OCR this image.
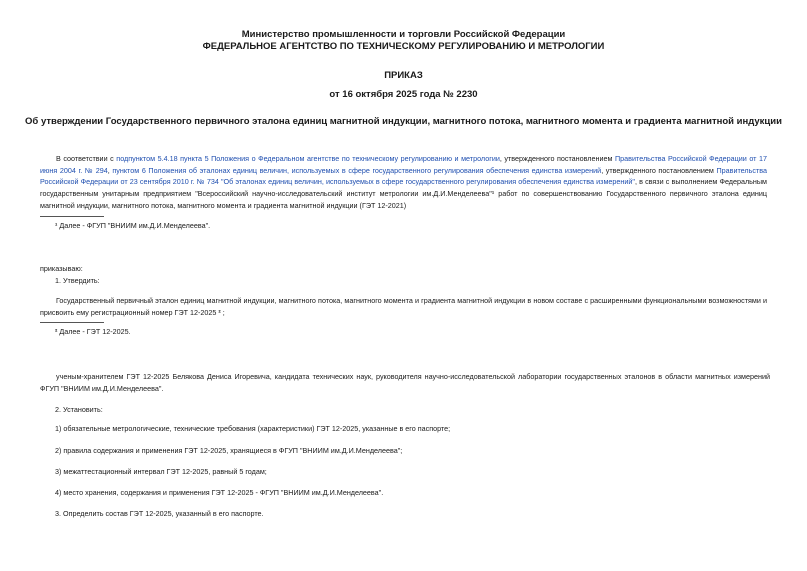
Министерство промышленности и торговли Российской Федерации
ФЕДЕРАЛЬНОЕ АГЕНТСТВО ПО ТЕХНИЧЕСКОМУ РЕГУЛИРОВАНИЮ И МЕТРОЛОГИИ
ПРИКАЗ
от 16 октября 2025 года № 2230
Об утверждении Государственного первичного эталона единиц магнитной индукции, магнитного потока, магнитного момента и градиента магнитной индукции
В соответствии с подпунктом 5.4.18 пункта 5 Положения о Федеральном агентстве по техническому регулированию и метрологии, утвержденного постановлением Правительства Российской Федерации от 17 июня 2004 г. № 294, пунктом 6 Положения об эталонах единиц величин, используемых в сфере государственного регулирования обеспечения единства измерений, утвержденного постановлением Правительства Российской Федерации от 23 сентября 2010 г. № 734 "Об эталонах единиц величин, используемых в сфере государственного регулирования обеспечения единства измерений", в связи с выполнением Федеральным государственным унитарным предприятием "Всероссийский научно-исследовательский институт метрологии им.Д.И.Менделеева"¹ работ по совершенствованию Государственного первичного эталона единиц магнитной индукции, магнитного потока, магнитного момента и градиента магнитной индукции (ГЭТ 12-2021)
¹ Далее - ФГУП "ВНИИМ им.Д.И.Менделеева".
приказываю:
1. Утвердить:
Государственный первичный эталон единиц магнитной индукции, магнитного потока, магнитного момента и градиента магнитной индукции в новом составе с расширенными функциональными возможностями и присвоить ему регистрационный номер ГЭТ 12-2025 ² ;
² Далее - ГЭТ 12-2025.
ученым-хранителем ГЭТ 12-2025 Белякова Дениса Игоревича, кандидата технических наук, руководителя научно-исследовательской лаборатории государственных эталонов в области магнитных измерений ФГУП "ВНИИМ им.Д.И.Менделеева".
2. Установить:
1) обязательные метрологические, технические требования (характеристики) ГЭТ 12-2025, указанные в его паспорте;
2) правила содержания и применения ГЭТ 12-2025, хранящиеся в ФГУП "ВНИИМ им.Д.И.Менделеева";
3) межаттестационный интервал ГЭТ 12-2025, равный 5 годам;
4) место хранения, содержания и применения ГЭТ 12-2025 - ФГУП "ВНИИМ им.Д.И.Менделеева".
3. Определить состав ГЭТ 12-2025, указанный в его паспорте.
